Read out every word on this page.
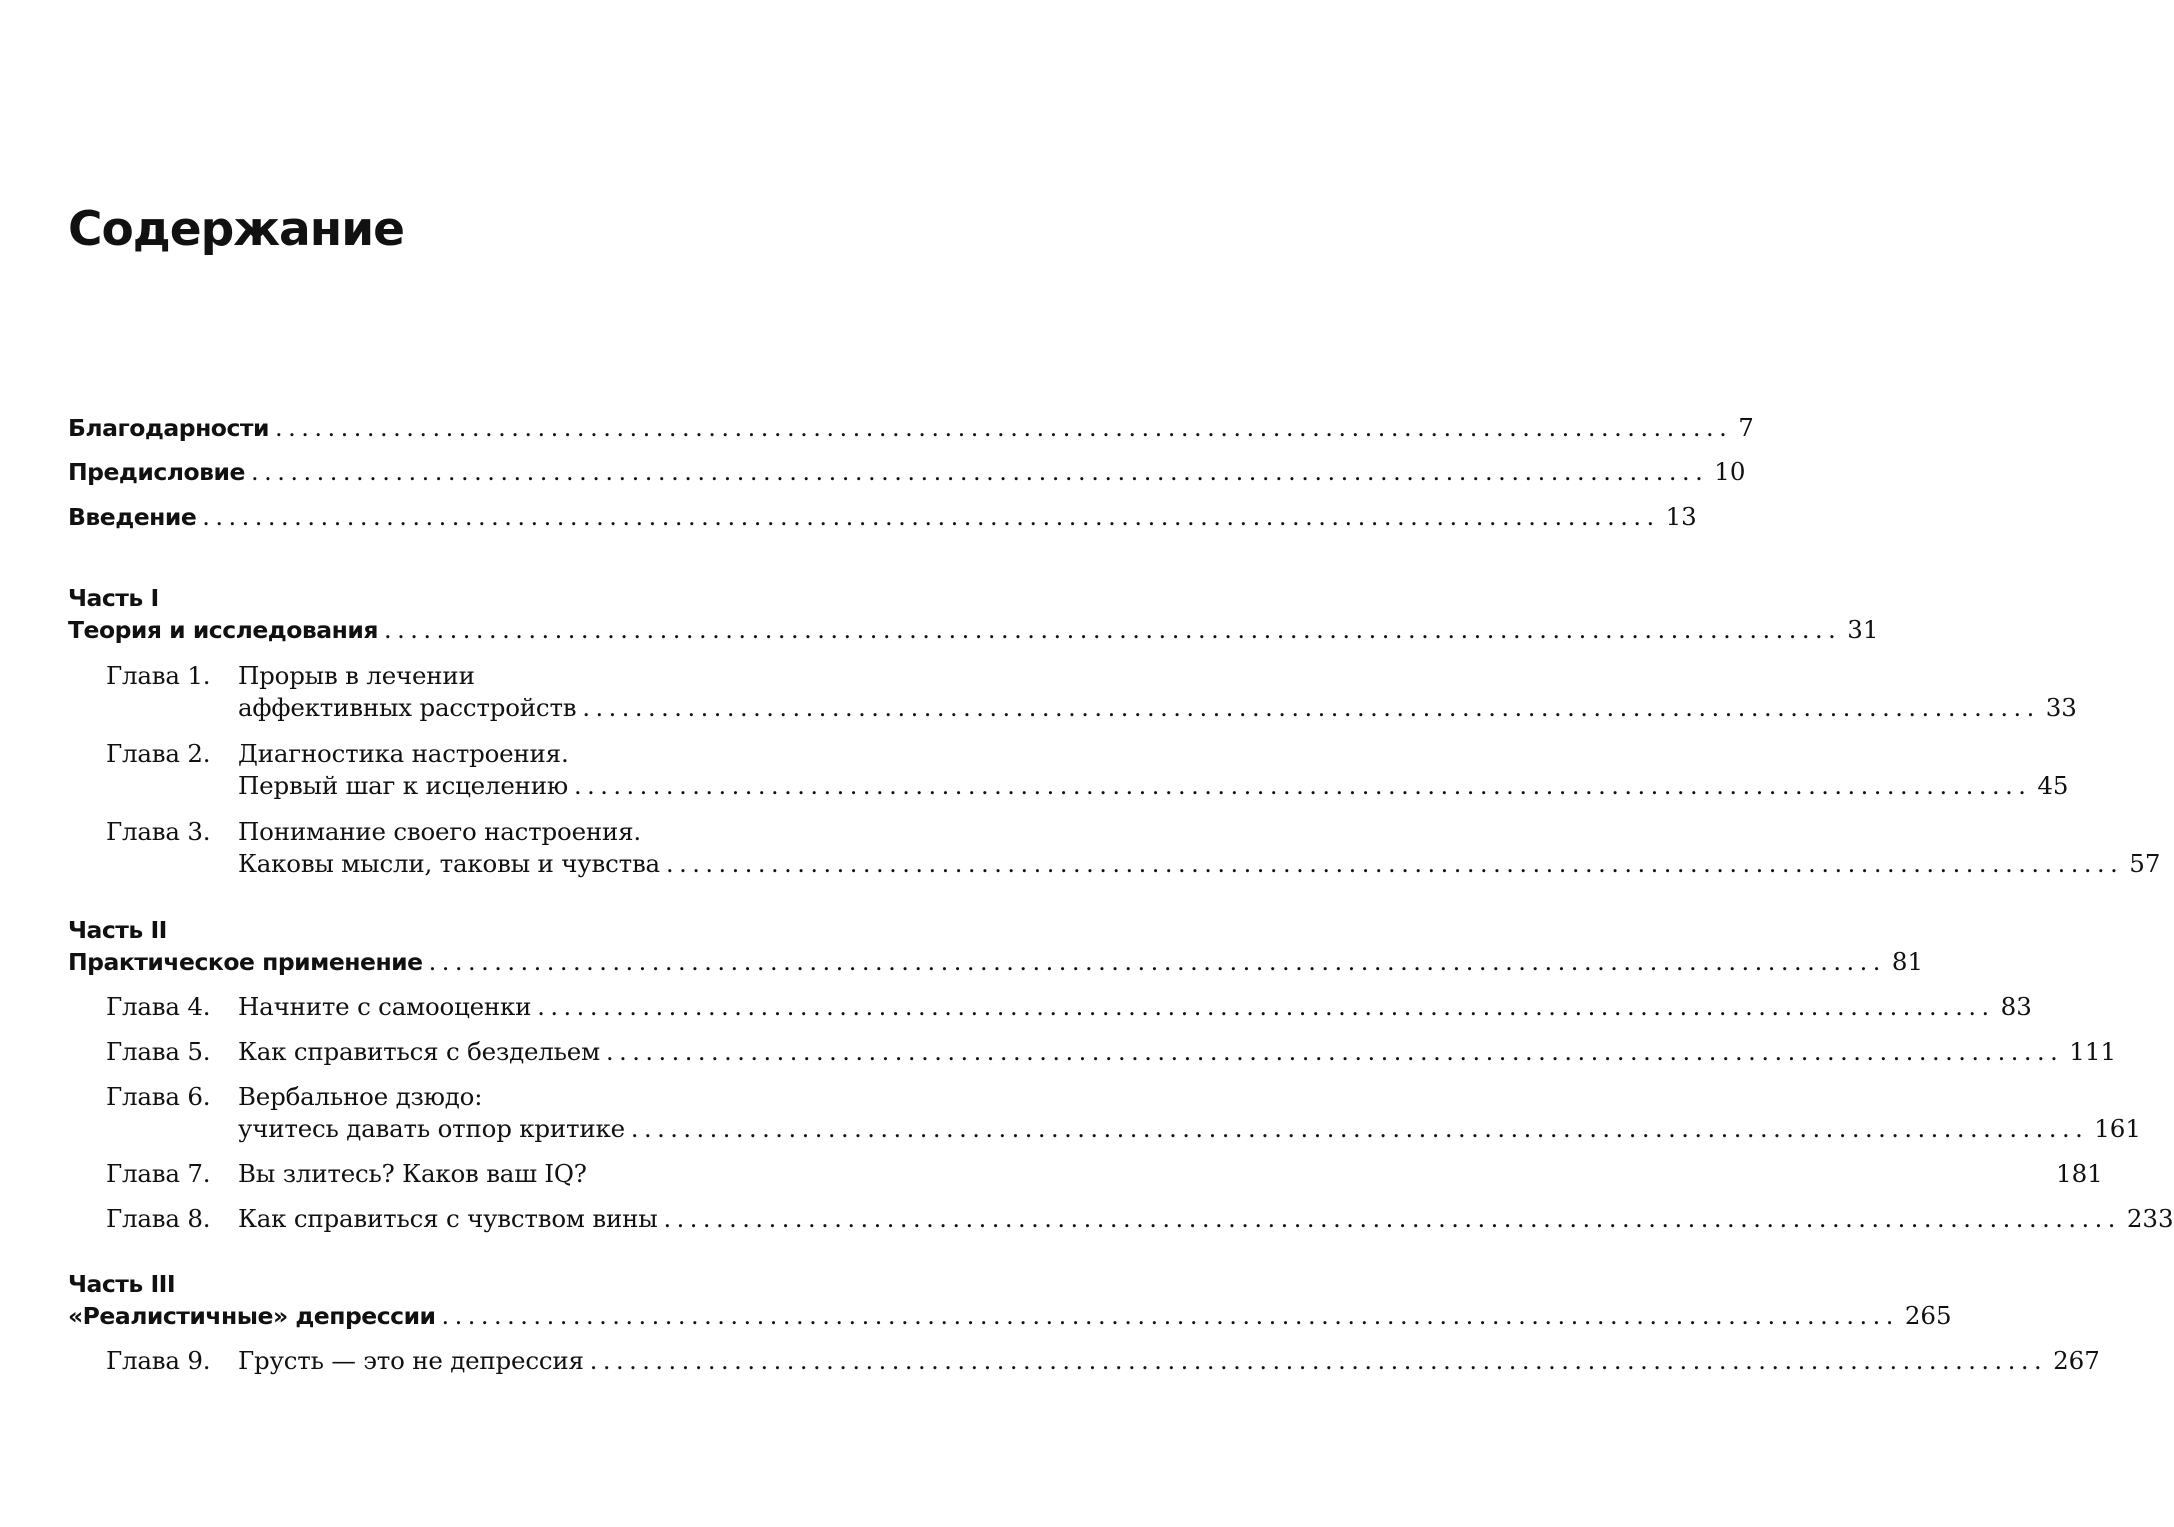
Содержание
Благодарности ............................................................................................................... 7
Предисловие ............................................................................................................... 10
Введение ............................................................................................................... 13
Часть I
Теория и исследования ............................................................................................................... 31
Глава 1. Прорыв в лечении
аффективных расстройств ............................................................................................................... 33
Глава 2. Диагностика настроения.
Первый шаг к исцелению ............................................................................................................... 45
Глава 3. Понимание своего настроения.
Каковы мысли, таковы и чувства ............................................................................................................... 57
Часть II
Практическое применение ............................................................................................................... 81
Глава 4. Начните с самооценки ............................................................................................................... 83
Глава 5. Как справиться с бездельем ............................................................................................................... 111
Глава 6. Вербальное дзюдо:
учитесь давать отпор критике ............................................................................................................... 161
Глава 7. Вы злитесь? Каков ваш IQ?	181
Глава 8. Как справиться с чувством вины ............................................................................................................... 233
Часть III
«Реалистичные» депрессии ............................................................................................................... 265
Глава 9. Грусть — это не депрессия ............................................................................................................... 267
